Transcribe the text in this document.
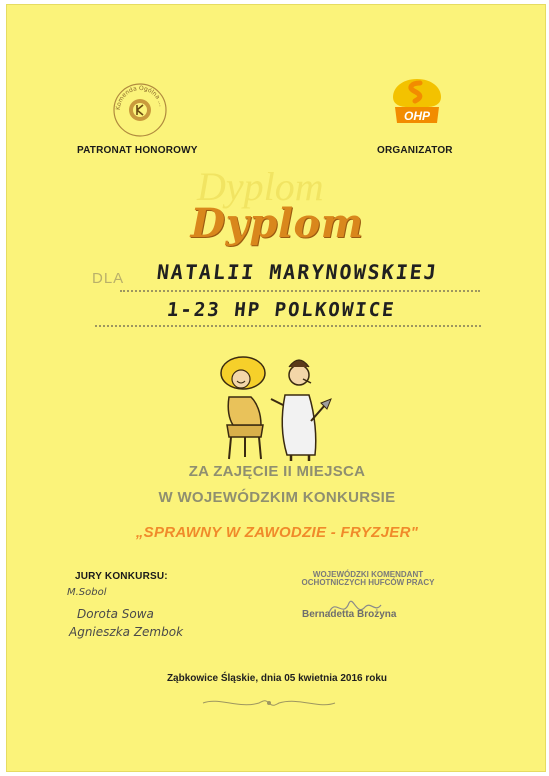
Komenda Ogólna ...
OHP
PATRONAT HONOROWY	ORGANIZATOR
Dyplom
Dyplom
DLA NATALII MARYNOWSKIEJ
1-23 HP POLKOWICE
ZA ZAJĘCIE II MIEJSCA
W WOJEWÓDZKIM KONKURSIE
„SPRAWNY W ZAWODZIE - FRYZJER"
JURY KONKURSU:
M.Sobol
Dorota Sowa
Agnieszka Zembok
WOJEWÓDZKI KOMENDANT
OCHOTNICZYCH HUFCÓW PRACY
Bernadetta Brożyna
Ząbkowice Śląskie, dnia 05 kwietnia 2016 roku
